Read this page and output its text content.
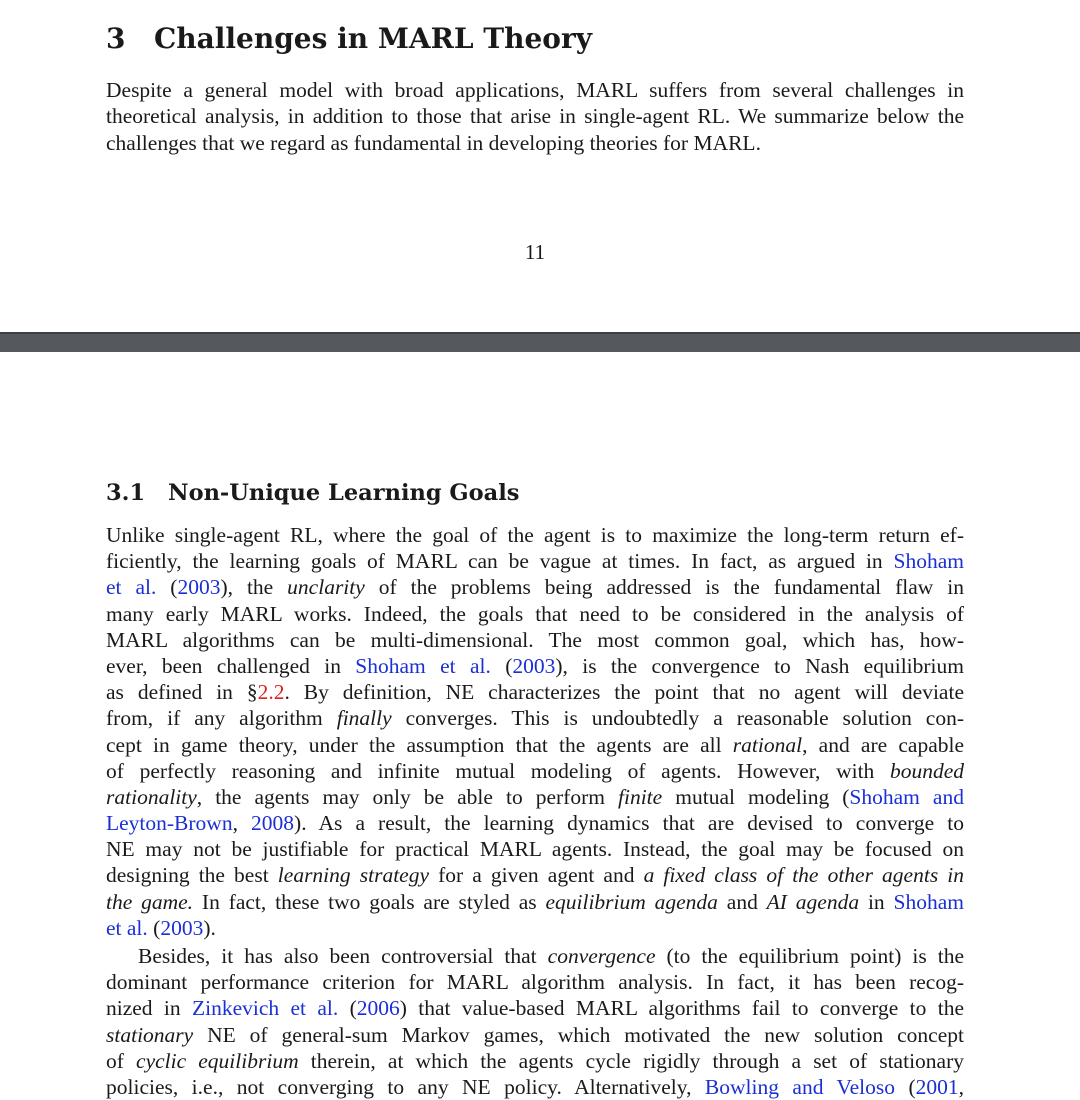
3 Challenges in MARL Theory

Despite a general model with broad applications, MARL suffers from several challenges in theoretical analysis, in addition to those that arise in single-agent RL. We summarize below the challenges that we regard as fundamental in developing theories for MARL.

11
3.1 Non-Unique Learning Goals
Unlike single-agent RL, where the goal of the agent is to maximize the long-term return ef-
ficiently, the learning goals of MARL can be vague at times. In fact, as argued in Shoham
et al. (2003), the unclarity of the problems being addressed is the fundamental flaw in
many early MARL works. Indeed, the goals that need to be considered in the analysis of
MARL algorithms can be multi-dimensional. The most common goal, which has, how-
ever, been challenged in Shoham et al. (2003), is the convergence to Nash equilibrium
as defined in §2.2. By definition, NE characterizes the point that no agent will deviate
from, if any algorithm finally converges. This is undoubtedly a reasonable solution con-
cept in game theory, under the assumption that the agents are all rational, and are capable
of perfectly reasoning and infinite mutual modeling of agents. However, with bounded
rationality, the agents may only be able to perform finite mutual modeling (Shoham and
Leyton-Brown, 2008). As a result, the learning dynamics that are devised to converge to
NE may not be justifiable for practical MARL agents. Instead, the goal may be focused on
designing the best learning strategy for a given agent and a fixed class of the other agents in
the game. In fact, these two goals are styled as equilibrium agenda and AI agenda in Shoham
et al. (2003).
Besides, it has also been controversial that convergence (to the equilibrium point) is the
dominant performance criterion for MARL algorithm analysis. In fact, it has been recog-
nized in Zinkevich et al. (2006) that value-based MARL algorithms fail to converge to the
stationary NE of general-sum Markov games, which motivated the new solution concept
of cyclic equilibrium therein, at which the agents cycle rigidly through a set of stationary
policies, i.e., not converging to any NE policy. Alternatively, Bowling and Veloso (2001,
